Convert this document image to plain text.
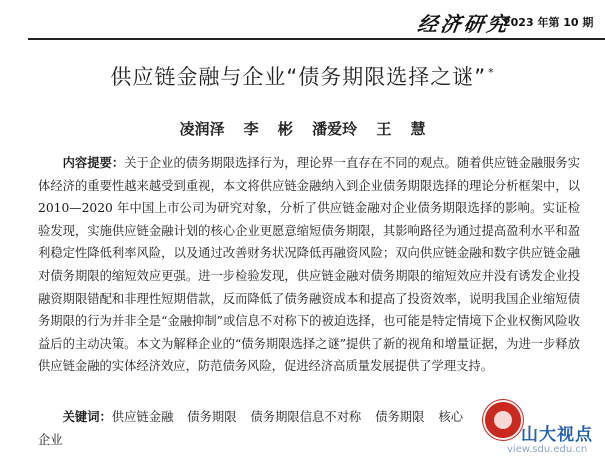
经济研究
2023 年第 10 期
供应链金融与企业“债务期限选择之谜” *
凌润泽 李 彬 潘爱玲 王 慧

内容提要：关于企业的债务期限选择行为，理论界一直存在不同的观点。随着供应链金融服务实体经济的重要性越来越受到重视，本文将供应链金融纳入到企业债务期限选择的理论分析框架中，以 2010—2020 年中国上市公司为研究对象，分析了供应链金融对企业债务期限选择的影响。实证检验发现，实施供应链金融计划的核心企业更愿意缩短债务期限，其影响路径为通过提高盈利水平和盈利稳定性降低利率风险，以及通过改善财务状况降低再融资风险；双向供应链金融和数字供应链金融对债务期限的缩短效应更强。进一步检验发现，供应链金融对债务期限的缩短效应并没有诱发企业投融资期限错配和非理性短期借款，反而降低了债务融资成本和提高了投资效率，说明我国企业缩短债务期限的行为并非全是“金融抑制”或信息不对称下的被迫选择，也可能是特定情境下企业权衡风险收益后的主动决策。本文为解释企业的“债务期限选择之谜”提供了新的视角和增量证据，为进一步释放供应链金融的实体经济效应，防范债务风险，促进经济高质量发展提供了学理支持。

关键词：供应链金融 债务期限 债务期限信息不对称 债务期限 核心

企业	山大视点
view.sdu.edu.cn
